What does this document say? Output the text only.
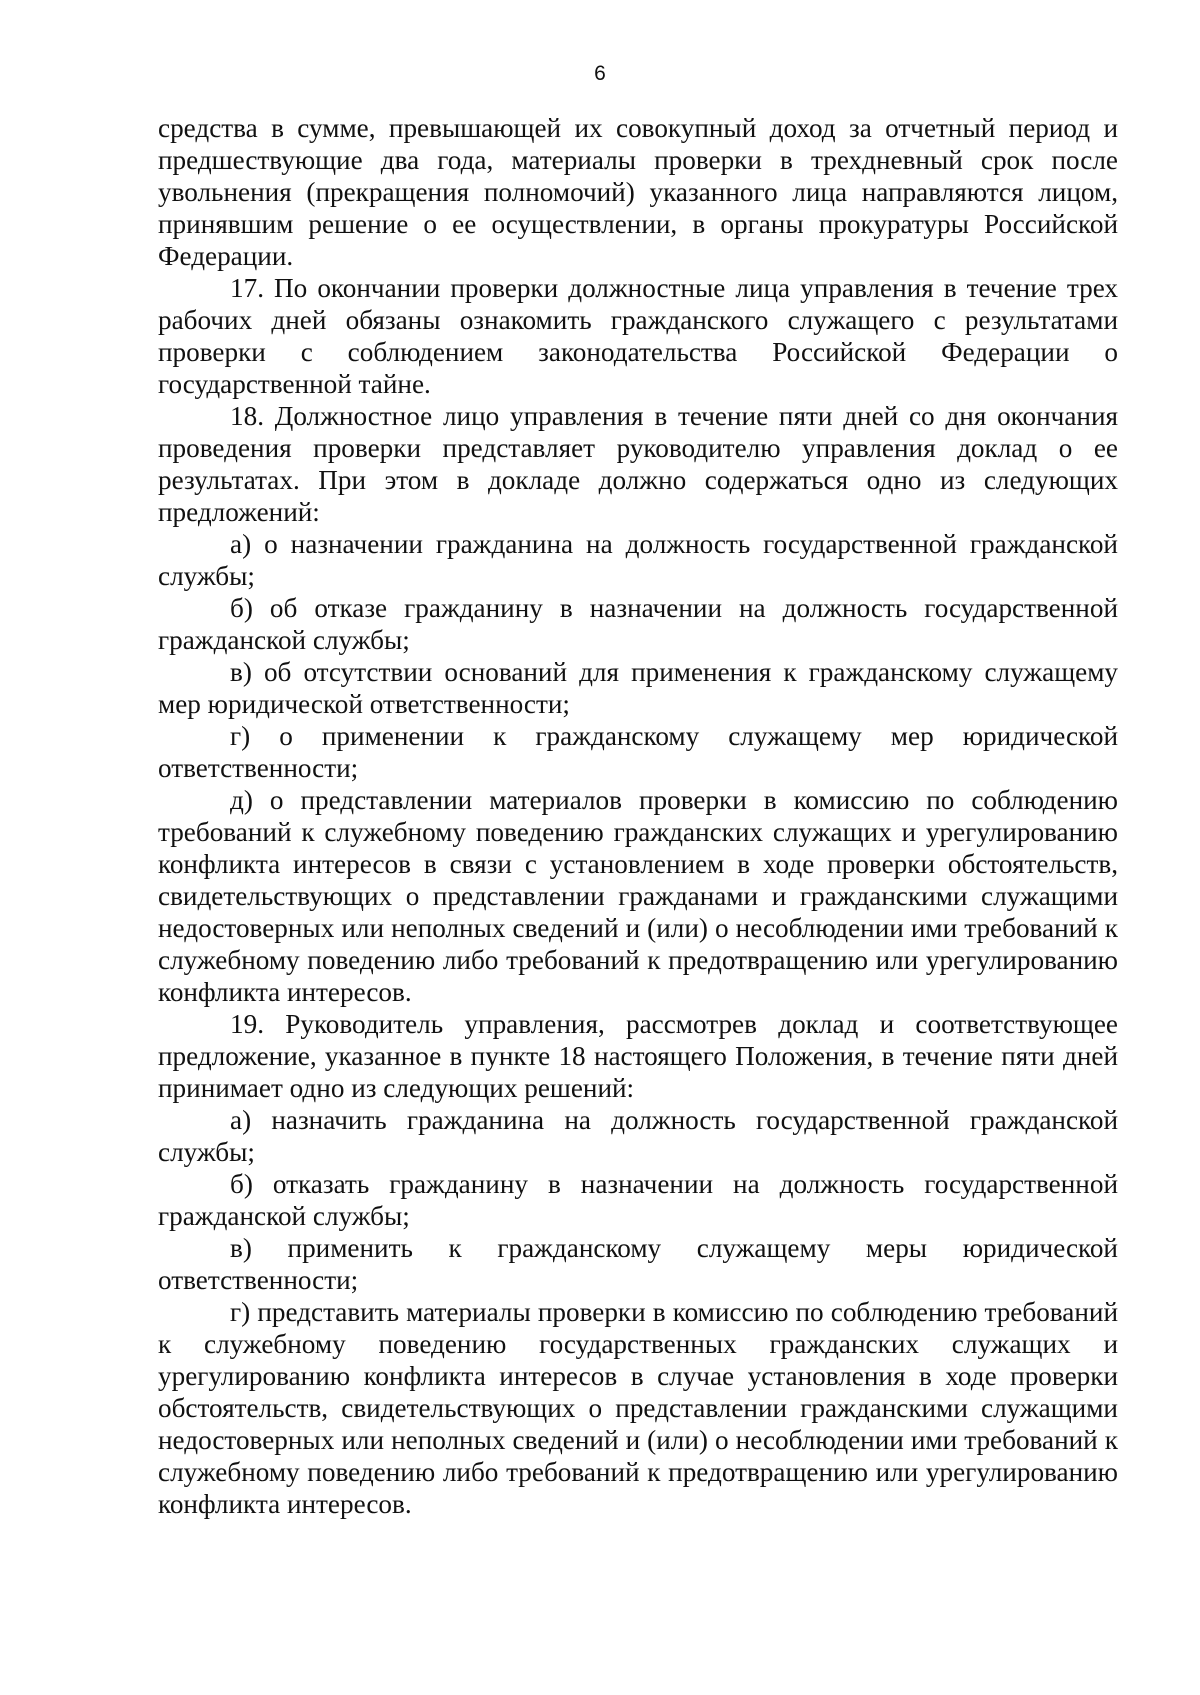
6

средства в сумме, превышающей их совокупный доход за отчетный период и предшествующие два года, материалы проверки в трехдневный срок после увольнения (прекращения полномочий) указанного лица направляются лицом, принявшим решение о ее осуществлении, в органы прокуратуры Российской Федерации.

17. По окончании проверки должностные лица управления в течение трех рабочих дней обязаны ознакомить гражданского служащего с результатами проверки с соблюдением законодательства Российской Федерации о государственной тайне.

18. Должностное лицо управления в течение пяти дней со дня окончания проведения проверки представляет руководителю управления доклад о ее результатах. При этом в докладе должно содержаться одно из следующих предложений:

а) о назначении гражданина на должность государственной гражданской службы;

б) об отказе гражданину в назначении на должность государственной гражданской службы;

в) об отсутствии оснований для применения к гражданскому служащему мер юридической ответственности;

г) о применении к гражданскому служащему мер юридической ответственности;

д) о представлении материалов проверки в комиссию по соблюдению требований к служебному поведению гражданских служащих и урегулированию конфликта интересов в связи с установлением в ходе проверки обстоятельств, свидетельствующих о представлении гражданами и гражданскими служащими недостоверных или неполных сведений и (или) о несоблюдении ими требований к служебному поведению либо требований к предотвращению или урегулированию конфликта интересов.

19. Руководитель управления, рассмотрев доклад и соответствующее предложение, указанное в пункте 18 настоящего Положения, в течение пяти дней принимает одно из следующих решений:

а) назначить гражданина на должность государственной гражданской службы;

б) отказать гражданину в назначении на должность государственной гражданской службы;

в) применить к гражданскому служащему меры юридической ответственности;

г) представить материалы проверки в комиссию по соблюдению требований к служебному поведению государственных гражданских служащих и урегулированию конфликта интересов в случае установления в ходе проверки обстоятельств, свидетельствующих о представлении гражданскими служащими недостоверных или неполных сведений и (или) о несоблюдении ими требований к служебному поведению либо требований к предотвращению или урегулированию конфликта интересов.
